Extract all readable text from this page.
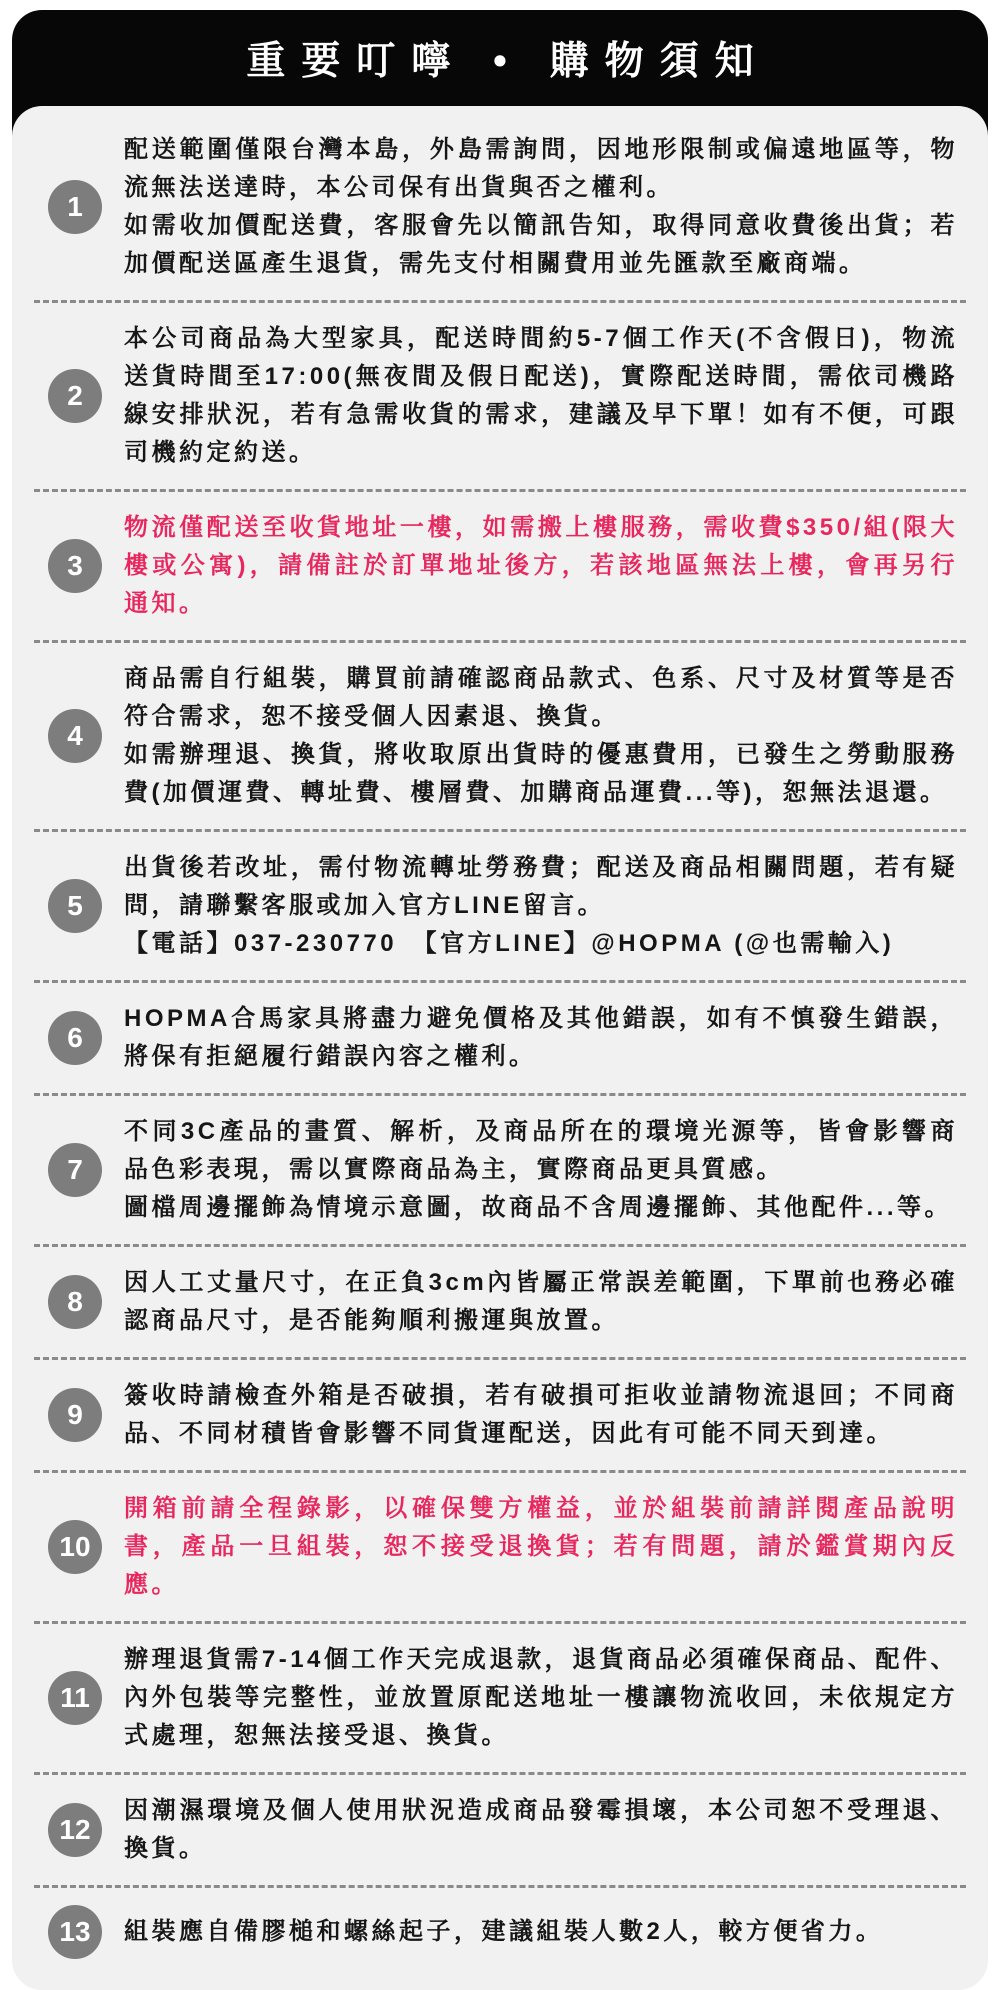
重要叮嚀 • 購物須知
1

配送範圍僅限台灣本島，外島需詢問，因地形限制或偏遠地區等，物流無法送達時，本公司保有出貨與否之權利。

如需收加價配送費，客服會先以簡訊告知，取得同意收費後出貨；若加價配送區產生退貨，需先支付相關費用並先匯款至廠商端。

2

本公司商品為大型家具，配送時間約5-7個工作天(不含假日)，物流送貨時間至17:00(無夜間及假日配送)，實際配送時間，需依司機路線安排狀況，若有急需收貨的需求，建議及早下單！如有不便，可跟司機約定約送。

3

物流僅配送至收貨地址一樓，如需搬上樓服務，需收費$350/組(限大樓或公寓)，請備註於訂單地址後方，若該地區無法上樓，會再另行通知。

4

商品需自行組裝，購買前請確認商品款式、色系、尺寸及材質等是否符合需求，恕不接受個人因素退、換貨。

如需辦理退、換貨，將收取原出貨時的優惠費用，已發生之勞動服務費(加價運費、轉址費、樓層費、加購商品運費...等)，恕無法退還。

5

出貨後若改址，需付物流轉址勞務費；配送及商品相關問題，若有疑問，請聯繫客服或加入官方LINE留言。

【電話】037-230770　【官方LINE】@HOPMA (@也需輸入)

6

HOPMA合馬家具將盡力避免價格及其他錯誤，如有不慎發生錯誤，將保有拒絕履行錯誤內容之權利。

7

不同3C產品的畫質、解析，及商品所在的環境光源等，皆會影響商品色彩表現，需以實際商品為主，實際商品更具質感。

圖檔周邊擺飾為情境示意圖，故商品不含周邊擺飾、其他配件...等。

8

因人工丈量尺寸，在正負3cm內皆屬正常誤差範圍，下單前也務必確認商品尺寸，是否能夠順利搬運與放置。

9

簽收時請檢查外箱是否破損，若有破損可拒收並請物流退回；不同商品、不同材積皆會影響不同貨運配送，因此有可能不同天到達。

10

開箱前請全程錄影，以確保雙方權益，並於組裝前請詳閱產品說明書，產品一旦組裝，恕不接受退換貨；若有問題，請於鑑賞期內反應。

11

辦理退貨需7-14個工作天完成退款，退貨商品必須確保商品、配件、內外包裝等完整性，並放置原配送地址一樓讓物流收回，未依規定方式處理，恕無法接受退、換貨。

12

因潮濕環境及個人使用狀況造成商品發霉損壞，本公司恕不受理退、換貨。

13	組裝應自備膠槌和螺絲起子，建議組裝人數2人，較方便省力。
